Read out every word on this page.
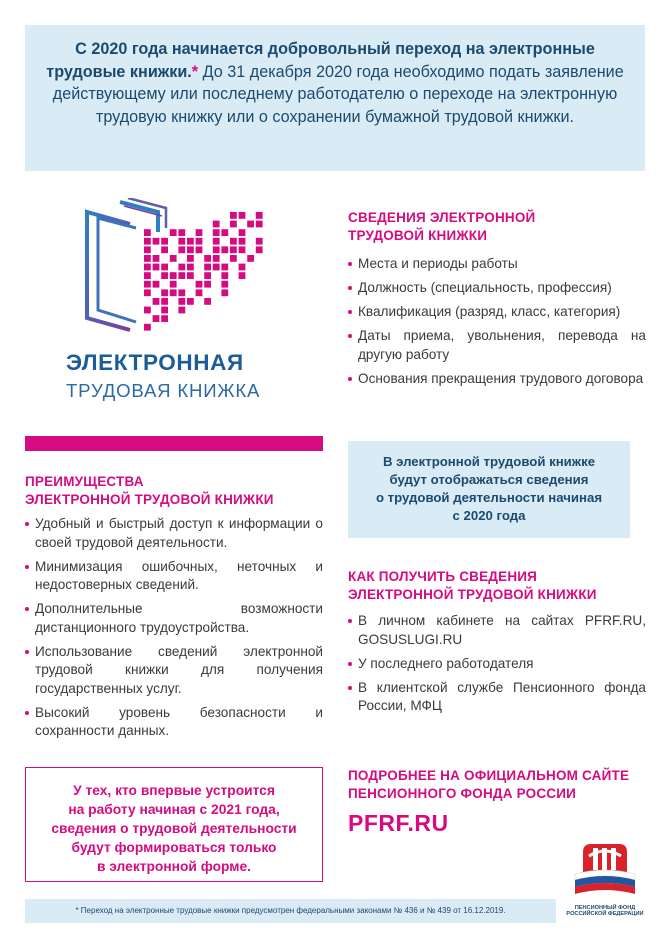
С 2020 года начинается добровольный переход на электронные трудовые книжки.* До 31 декабря 2020 года необходимо подать заявление действующему или последнему работодателю о переходе на электронную трудовую книжку или о сохранении бумажной трудовой книжки.
ЭЛЕКТРОННАЯ
ТРУДОВАЯ КНИЖКА
СВЕДЕНИЯ ЭЛЕКТРОННОЙ
ТРУДОВОЙ КНИЖКИ
Места и периоды работы
Должность (специальность, профессия)
Квалификация (разряд, класс, категория)
Даты приема, увольнения, перевода на другую работу
Основания прекращения трудового договора
ПРЕИМУЩЕСТВА
ЭЛЕКТРОННОЙ ТРУДОВОЙ КНИЖКИ
Удобный и быстрый доступ к информации о своей трудовой деятельности.
Минимизация ошибочных, неточных и недостоверных сведений.
Дополнительные возможности дистанционного трудоустройства.
Использование сведений электронной трудовой книжки для получения государственных услуг.
Высокий уровень безопасности и сохранности данных.
В электронной трудовой книжке
будут отображаться сведения
о трудовой деятельности начиная
с 2020 года
КАК ПОЛУЧИТЬ СВЕДЕНИЯ
ЭЛЕКТРОННОЙ ТРУДОВОЙ КНИЖКИ
В личном кабинете на сайтах PFRF.RU, GOSUSLUGI.RU
У последнего работодателя
В клиентской службе Пенсионного фонда России, МФЦ
У тех, кто впервые устроится
на работу начиная с 2021 года,
сведения о трудовой деятельности
будут формироваться только
в электронной форме.
ПОДРОБНЕЕ НА ОФИЦИАЛЬНОМ САЙТЕ
ПЕНСИОННОГО ФОНДА РОССИИ
PFRF.RU
* Переход на электронные трудовые книжки предусмотрен федеральными законами № 436 и № 439 от 16.12.2019.	ПЕНСИОННЫЙ ФОНД
РОССИЙСКОЙ ФЕДЕРАЦИИ
